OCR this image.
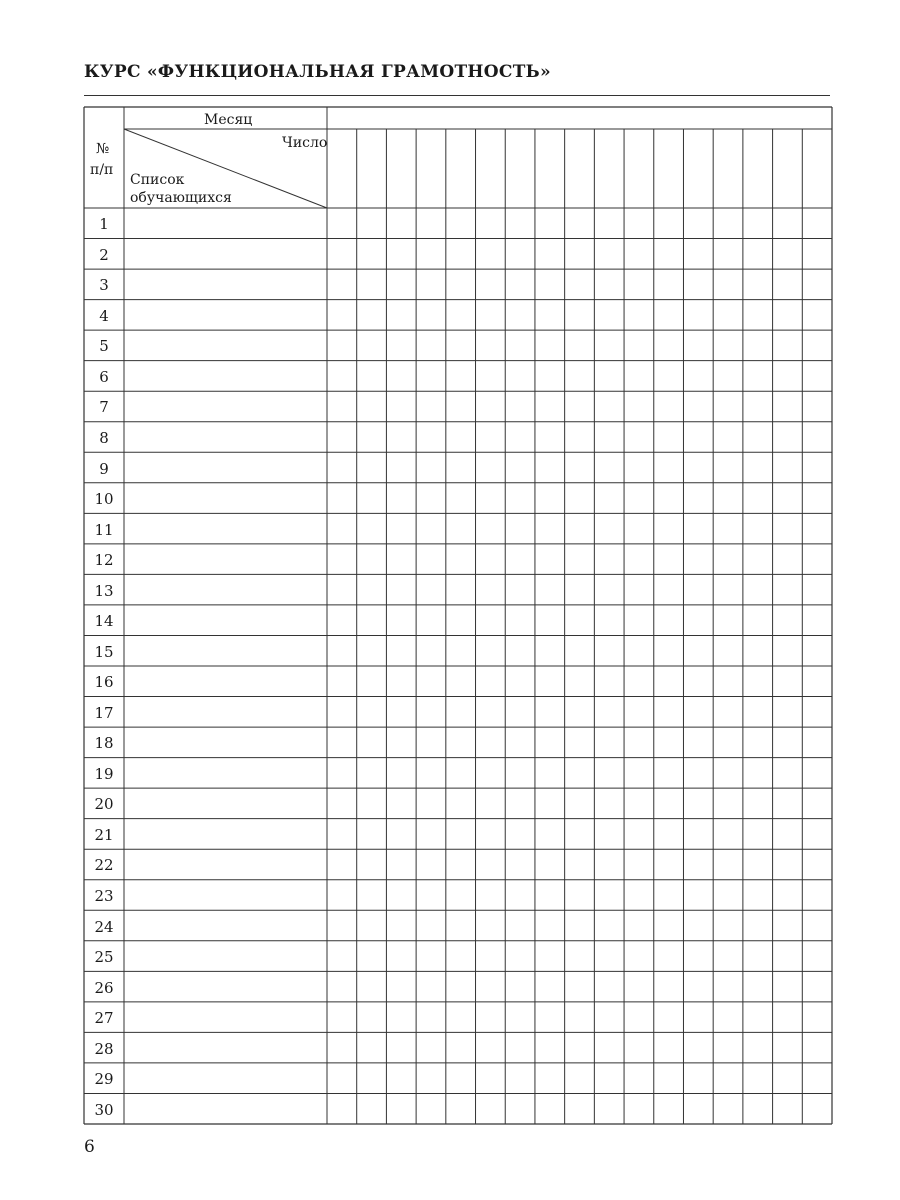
КУРС «ФУНКЦИОНАЛЬНАЯ ГРАМОТНОСТЬ»
Месяц
Число
№
п/п
Список
обучающихся
1
2
3
4
5
6
7
8
9
10
11
12
13
14
15
16
17
18
19
20
21
22
23
24
25
26
27
28
29
30
6
